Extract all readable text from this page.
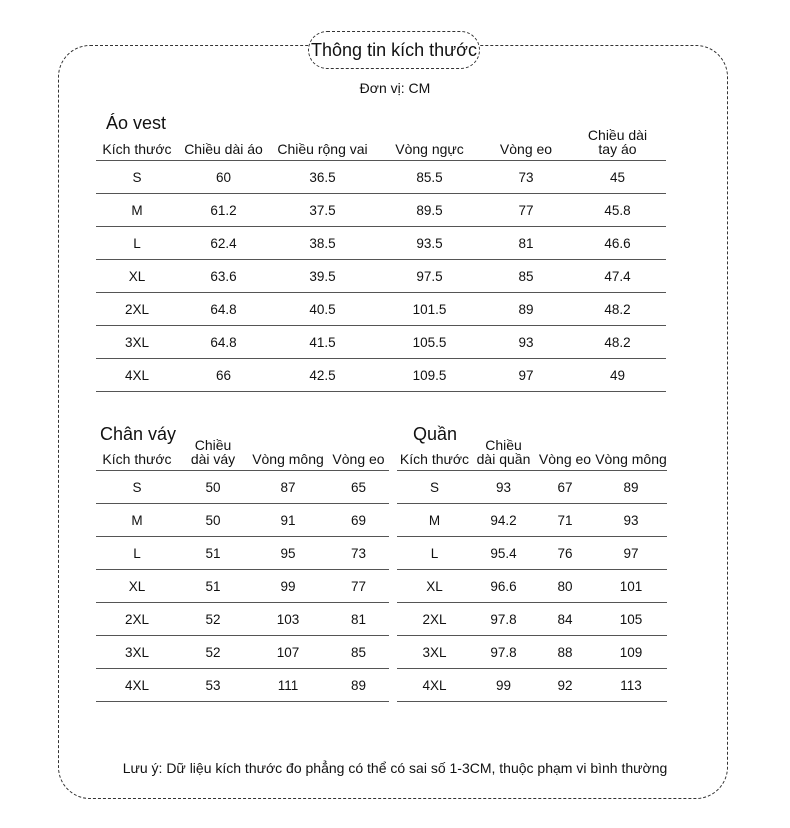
Thông tin kích thước
Đơn vị: CM
Áo vest
Kích thước	Chiều dài áo	Chiều rộng vai	Vòng ngực	Vòng eo	Chiều dài tay áo
S	60	36.5	85.5	73	45
M	61.2	37.5	89.5	77	45.8
L	62.4	38.5	93.5	81	46.6
XL	63.6	39.5	97.5	85	47.4
2XL	64.8	40.5	101.5	89	48.2
3XL	64.8	41.5	105.5	93	48.2
4XL	66	42.5	109.5	97	49
Chân váy
Kích thước	Chiều dài váy	Vòng mông	Vòng eo
S	50	87	65
M	50	91	69
L	51	95	73
XL	51	99	77
2XL	52	103	81
3XL	52	107	85
4XL	53	111	89
Quần
Kích thước	Chiều dài quần	Vòng eo	Vòng mông
S	93	67	89
M	94.2	71	93
L	95.4	76	97
XL	96.6	80	101
2XL	97.8	84	105
3XL	97.8	88	109
4XL	99	92	113
Lưu ý: Dữ liệu kích thước đo phẳng có thể có sai số 1-3CM, thuộc phạm vi bình thường
